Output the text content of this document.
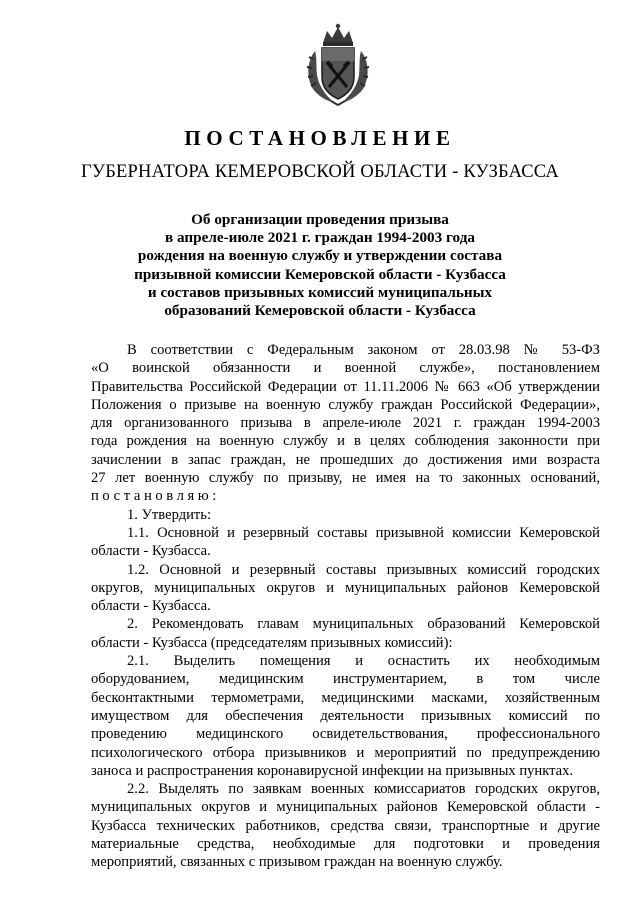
ПОСТАНОВЛЕНИЕ
ГУБЕРНАТОРА КЕМЕРОВСКОЙ ОБЛАСТИ - КУЗБАССА
Об организации проведения призыва
в апреле-июле 2021 г. граждан 1994-2003 года
рождения на военную службу и утверждении состава
призывной комиссии Кемеровской области - Кузбасса
и составов призывных комиссий муниципальных
образований Кемеровской области - Кузбасса
В соответствии с Федеральным законом от 28.03.98 № 53-ФЗ
«О воинской обязанности и военной службе», постановлением
Правительства Российской Федерации от 11.11.2006 № 663 «Об утверждении
Положения о призыве на военную службу граждан Российской Федерации»,
для организованного призыва в апреле-июле 2021 г. граждан 1994-2003
года рождения на военную службу и в целях соблюдения законности при
зачислении в запас граждан, не прошедших до достижения ими возраста
27 лет военную службу по призыву, не имея на то законных оснований,
постановляю:
1. Утвердить:
1.1. Основной и резервный составы призывной комиссии Кемеровской
области - Кузбасса.
1.2. Основной и резервный составы призывных комиссий городских
округов, муниципальных округов и муниципальных районов Кемеровской
области - Кузбасса.
2. Рекомендовать главам муниципальных образований Кемеровской
области - Кузбасса (председателям призывных комиссий):
2.1. Выделить помещения и оснастить их необходимым
оборудованием, медицинским инструментарием, в том числе
бесконтактными термометрами, медицинскими масками, хозяйственным
имуществом для обеспечения деятельности призывных комиссий по
проведению медицинского освидетельствования, профессионального
психологического отбора призывников и мероприятий по предупреждению
заноса и распространения коронавирусной инфекции на призывных пунктах.
2.2. Выделять по заявкам военных комиссариатов городских округов,
муниципальных округов и муниципальных районов Кемеровской области -
Кузбасса технических работников, средства связи, транспортные и другие
материальные средства, необходимые для подготовки и проведения
мероприятий, связанных с призывом граждан на военную службу.
